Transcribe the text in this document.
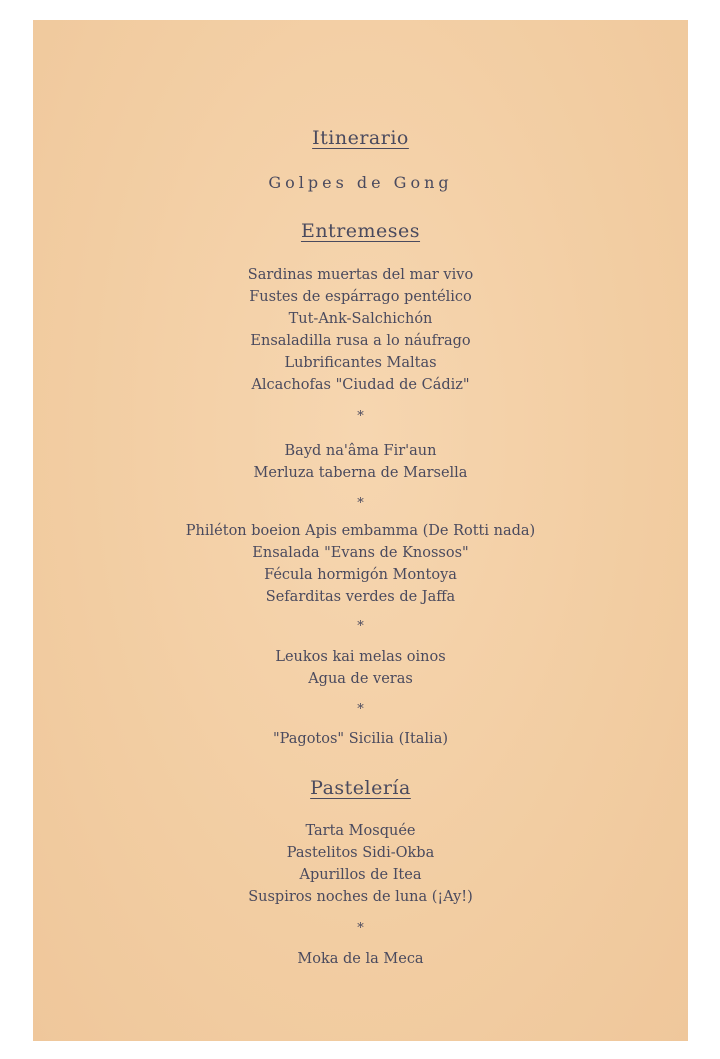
Itinerario
Golpes de Gong
Entremeses
Sardinas muertas del mar vivo
Fustes de espárrago pentélico
Tut-Ank-Salchichón
Ensaladilla rusa a lo náufrago
Lubrificantes Maltas
Alcachofas "Ciudad de Cádiz"
*
Bayd na'âma Fir'aun
Merluza taberna de Marsella
*
Philéton boeion Apis embamma (De Rotti nada)
Ensalada "Evans de Knossos"
Fécula hormigón Montoya
Sefarditas verdes de Jaffa
*
Leukos kai melas oinos
Agua de veras
*
"Pagotos" Sicilia (Italia)
Pastelería
Tarta Mosquée
Pastelitos Sidi-Okba
Apurillos de Itea
Suspiros noches de luna (¡Ay!)
*
Moka de la Meca
